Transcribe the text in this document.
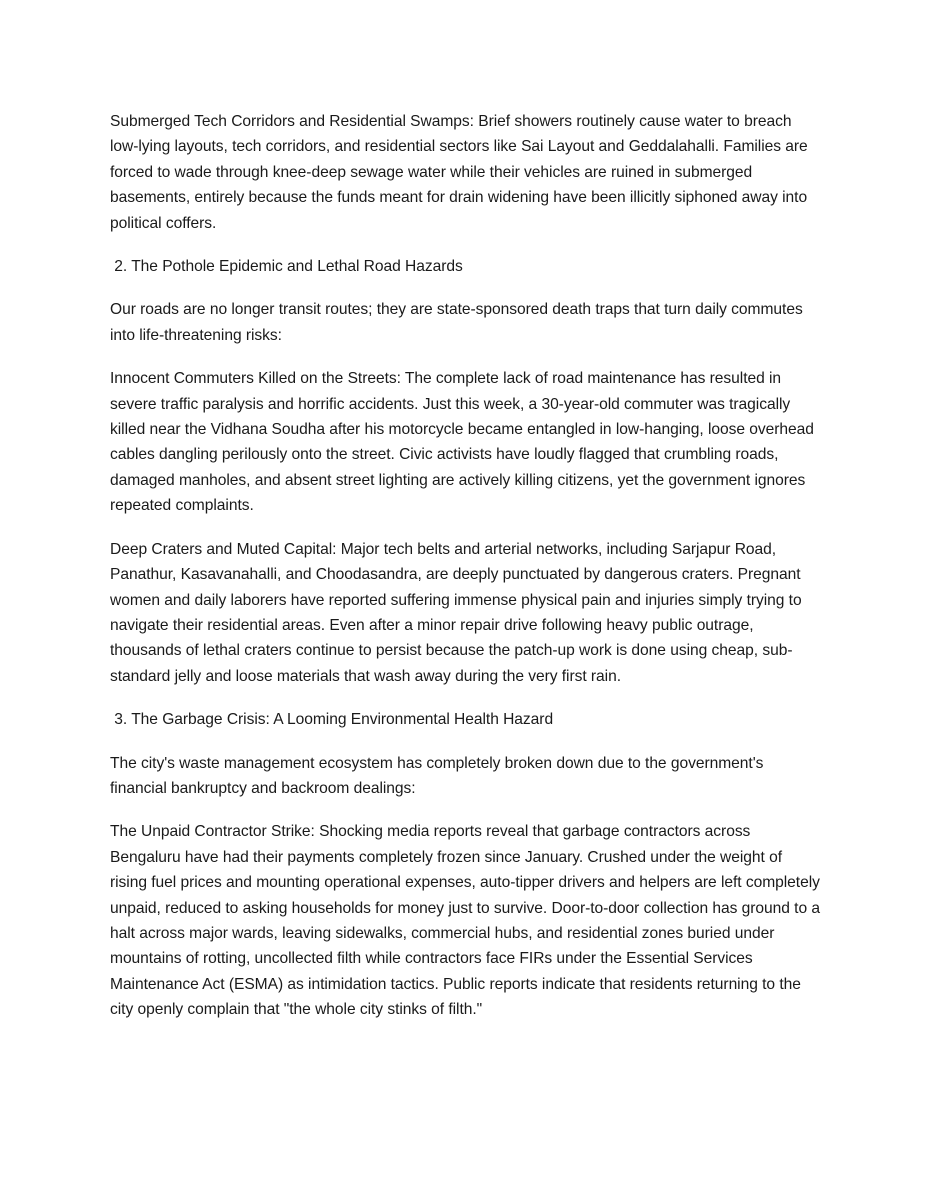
Submerged Tech Corridors and Residential Swamps: Brief showers routinely cause water to breach low-lying layouts, tech corridors, and residential sectors like Sai Layout and Geddalahalli. Families are forced to wade through knee-deep sewage water while their vehicles are ruined in submerged basements, entirely because the funds meant for drain widening have been illicitly siphoned away into political coffers.

2. The Pothole Epidemic and Lethal Road Hazards

Our roads are no longer transit routes; they are state-sponsored death traps that turn daily commutes into life-threatening risks:

Innocent Commuters Killed on the Streets: The complete lack of road maintenance has resulted in severe traffic paralysis and horrific accidents. Just this week, a 30-year-old commuter was tragically killed near the Vidhana Soudha after his motorcycle became entangled in low-hanging, loose overhead cables dangling perilously onto the street. Civic activists have loudly flagged that crumbling roads, damaged manholes, and absent street lighting are actively killing citizens, yet the government ignores repeated complaints.

Deep Craters and Muted Capital: Major tech belts and arterial networks, including Sarjapur Road, Panathur, Kasavanahalli, and Choodasandra, are deeply punctuated by dangerous craters. Pregnant women and daily laborers have reported suffering immense physical pain and injuries simply trying to navigate their residential areas. Even after a minor repair drive following heavy public outrage, thousands of lethal craters continue to persist because the patch-up work is done using cheap, sub-standard jelly and loose materials that wash away during the very first rain.

3. The Garbage Crisis: A Looming Environmental Health Hazard

The city's waste management ecosystem has completely broken down due to the government's financial bankruptcy and backroom dealings:

The Unpaid Contractor Strike: Shocking media reports reveal that garbage contractors across Bengaluru have had their payments completely frozen since January. Crushed under the weight of rising fuel prices and mounting operational expenses, auto-tipper drivers and helpers are left completely unpaid, reduced to asking households for money just to survive. Door-to-door collection has ground to a halt across major wards, leaving sidewalks, commercial hubs, and residential zones buried under mountains of rotting, uncollected filth while contractors face FIRs under the Essential Services Maintenance Act (ESMA) as intimidation tactics. Public reports indicate that residents returning to the city openly complain that "the whole city stinks of filth."
